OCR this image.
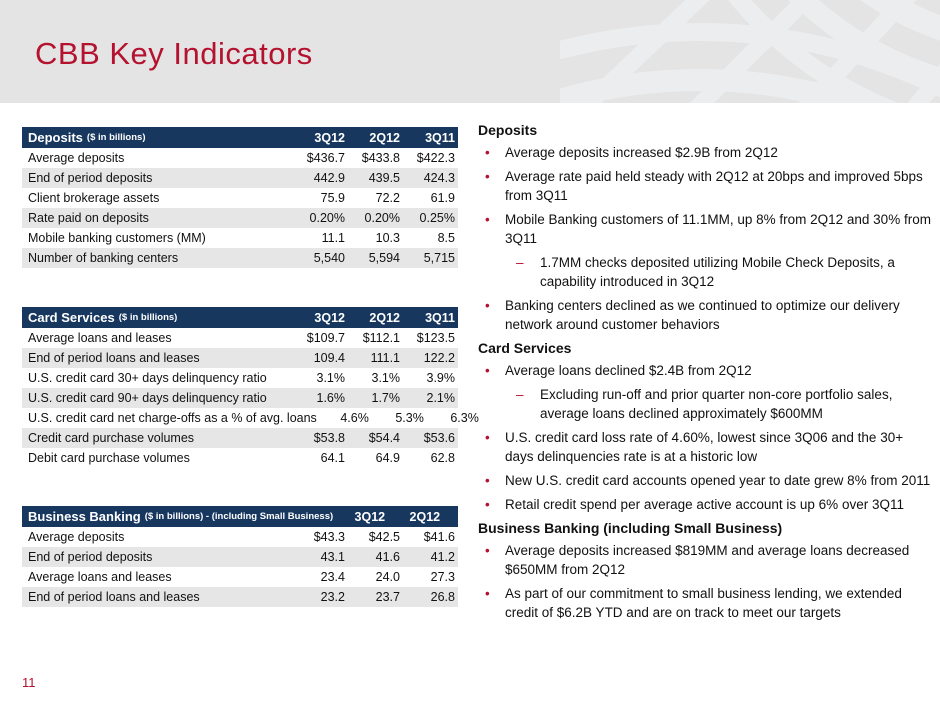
CBB Key Indicators
Deposits ($ in billions)	3Q12	2Q12	3Q11
Average deposits	$436.7	$433.8	$422.3
End of period deposits	442.9	439.5	424.3
Client brokerage assets	75.9	72.2	61.9
Rate paid on deposits	0.20%	0.20%	0.25%
Mobile banking customers (MM)	11.1	10.3	8.5
Number of banking centers	5,540	5,594	5,715
Card Services ($ in billions)	3Q12	2Q12	3Q11
Average loans and leases	$109.7	$112.1	$123.5
End of period loans and leases	109.4	111.1	122.2
U.S. credit card 30+ days delinquency ratio	3.1%	3.1%	3.9%
U.S. credit card 90+ days delinquency ratio	1.6%	1.7%	2.1%
U.S. credit card net charge-offs as a % of avg. loans	4.6%	5.3%	6.3%
Credit card purchase volumes	$53.8	$54.4	$53.6
Debit card purchase volumes	64.1	64.9	62.8
Business Banking ($ in billions) - (including Small Business)	3Q12	2Q12	3Q11
Average deposits	$43.3	$42.5	$41.6
End of period deposits	43.1	41.6	41.2
Average loans and leases	23.4	24.0	27.3
End of period loans and leases	23.2	23.7	26.8
Deposits
• Average deposits increased $2.9B from 2Q12
• Average rate paid held steady with 2Q12 at 20bps and improved 5bps from 3Q11
• Mobile Banking customers of 11.1MM, up 8% from 2Q12 and 30% from 3Q11
– 1.7MM checks deposited utilizing Mobile Check Deposits, a capability introduced in 3Q12
• Banking centers declined as we continued to optimize our delivery network around customer behaviors
Card Services
• Average loans declined $2.4B from 2Q12
– Excluding run-off and prior quarter non-core portfolio sales, average loans declined approximately $600MM
• U.S. credit card loss rate of 4.60%, lowest since 3Q06 and the 30+ days delinquencies rate is at a historic low
• New U.S. credit card accounts opened year to date grew 8% from 2011
• Retail credit spend per average active account is up 6% over 3Q11
Business Banking (including Small Business)
• Average deposits increased $819MM and average loans decreased $650MM from 2Q12
• As part of our commitment to small business lending, we extended credit of $6.2B YTD and are on track to meet our targets
11
